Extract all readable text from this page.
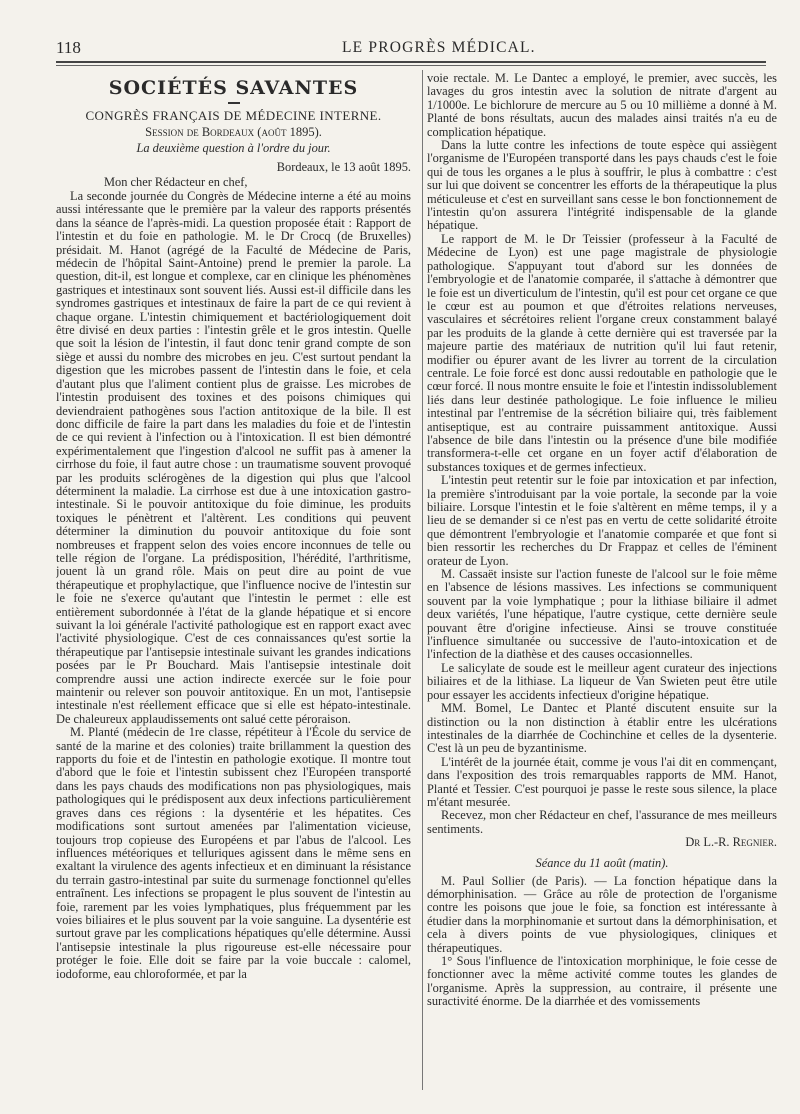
118	LE PROGRÈS MÉDICAL.
SOCIÉTÉS SAVANTES
CONGRÈS FRANÇAIS DE MÉDECINE INTERNE.
Session de Bordeaux (août 1895).
La deuxième question à l'ordre du jour.
Bordeaux, le 13 août 1895.

Mon cher Rédacteur en chef,

La seconde journée du Congrès de Médecine interne a été au moins aussi intéressante que le première par la valeur des rapports présentés dans la séance de l'après-midi. La question proposée était : Rapport de l'intestin et du foie en pathologie. M. le Dr Crocq (de Bruxelles) présidait. M. Hanot (agrégé de la Faculté de Médecine de Paris, médecin de l'hôpital Saint-Antoine) prend le premier la parole. La question, dit-il, est longue et complexe, car en clinique les phénomènes gastriques et intestinaux sont souvent liés. Aussi est-il difficile dans les syndromes gastriques et intestinaux de faire la part de ce qui revient à chaque organe. L'intestin chimiquement et bactériologiquement doit être divisé en deux parties : l'intestin grêle et le gros intestin. Quelle que soit la lésion de l'intestin, il faut donc tenir grand compte de son siège et aussi du nombre des microbes en jeu. C'est surtout pendant la digestion que les microbes passent de l'intestin dans le foie, et cela d'autant plus que l'aliment contient plus de graisse. Les microbes de l'intestin produisent des toxines et des poisons chimiques qui deviendraient pathogènes sous l'action antitoxique de la bile. Il est donc difficile de faire la part dans les maladies du foie et de l'intestin de ce qui revient à l'infection ou à l'intoxication. Il est bien démontré expérimentalement que l'ingestion d'alcool ne suffit pas à amener la cirrhose du foie, il faut autre chose : un traumatisme souvent provoqué par les produits sclérogènes de la digestion qui plus que l'alcool déterminent la maladie. La cirrhose est due à une intoxication gastro-intestinale. Si le pouvoir antitoxique du foie diminue, les produits toxiques le pénètrent et l'altèrent. Les conditions qui peuvent déterminer la diminution du pouvoir antitoxique du foie sont nombreuses et frappent selon des voies encore inconnues de telle ou telle région de l'organe. La prédisposition, l'hérédité, l'arthritisme, jouent là un grand rôle. Mais on peut dire au point de vue thérapeutique et prophylactique, que l'influence nocive de l'intestin sur le foie ne s'exerce qu'autant que l'intestin le permet : elle est entièrement subordonnée à l'état de la glande hépatique et si encore suivant la loi générale l'activité pathologique est en rapport exact avec l'activité physiologique. C'est de ces connaissances qu'est sortie la thérapeutique par l'antisepsie intestinale suivant les grandes indications posées par le Pr Bouchard. Mais l'antisepsie intestinale doit comprendre aussi une action indirecte exercée sur le foie pour maintenir ou relever son pouvoir antitoxique. En un mot, l'antisepsie intestinale n'est réellement efficace que si elle est hépato-intestinale. De chaleureux applaudissements ont salué cette péroraison.

M. Planté (médecin de 1re classe, répétiteur à l'École du service de santé de la marine et des colonies) traite brillamment la question des rapports du foie et de l'intestin en pathologie exotique. Il montre tout d'abord que le foie et l'intestin subissent chez l'Européen transporté dans les pays chauds des modifications non pas physiologiques, mais pathologiques qui le prédisposent aux deux infections particulièrement graves dans ces régions : la dysentérie et les hépatites. Ces modifications sont surtout amenées par l'alimentation vicieuse, toujours trop copieuse des Européens et par l'abus de l'alcool. Les influences météoriques et telluriques agissent dans le même sens en exaltant la virulence des agents infectieux et en diminuant la résistance du terrain gastro-intestinal par suite du surmenage fonctionnel qu'elles entraînent. Les infections se propagent le plus souvent de l'intestin au foie, rarement par les voies lymphatiques, plus fréquemment par les voies biliaires et le plus souvent par la voie sanguine. La dysentérie est surtout grave par les complications hépatiques qu'elle détermine. Aussi l'antisepsie intestinale la plus rigoureuse est-elle nécessaire pour protéger le foie. Elle doit se faire par la voie buccale : calomel, iodoforme, eau chloroformée, et par la

voie rectale. M. Le Dantec a employé, le premier, avec succès, les lavages du gros intestin avec la solution de nitrate d'argent au 1/1000e. Le bichlorure de mercure au 5 ou 10 millième a donné à M. Planté de bons résultats, aucun des malades ainsi traités n'a eu de complication hépatique.

Dans la lutte contre les infections de toute espèce qui assiègent l'organisme de l'Européen transporté dans les pays chauds c'est le foie qui de tous les organes a le plus à souffrir, le plus à combattre : c'est sur lui que doivent se concentrer les efforts de la thérapeutique la plus méticuleuse et c'est en surveillant sans cesse le bon fonctionnement de l'intestin qu'on assurera l'intégrité indispensable de la glande hépatique.

Le rapport de M. le Dr Teissier (professeur à la Faculté de Médecine de Lyon) est une page magistrale de physiologie pathologique. S'appuyant tout d'abord sur les données de l'embryologie et de l'anatomie comparée, il s'attache à démontrer que le foie est un diverticulum de l'intestin, qu'il est pour cet organe ce que le cœur est au poumon et que d'étroites relations nerveuses, vasculaires et sécrétoires relient l'organe creux constamment balayé par les produits de la glande à cette dernière qui est traversée par la majeure partie des matériaux de nutrition qu'il lui faut retenir, modifier ou épurer avant de les livrer au torrent de la circulation centrale. Le foie forcé est donc aussi redoutable en pathologie que le cœur forcé. Il nous montre ensuite le foie et l'intestin indissolublement liés dans leur destinée pathologique. Le foie influence le milieu intestinal par l'entremise de la sécrétion biliaire qui, très faiblement antiseptique, est au contraire puissamment antitoxique. Aussi l'absence de bile dans l'intestin ou la présence d'une bile modifiée transformera-t-elle cet organe en un foyer actif d'élaboration de substances toxiques et de germes infectieux.

L'intestin peut retentir sur le foie par intoxication et par infection, la première s'introduisant par la voie portale, la seconde par la voie biliaire. Lorsque l'intestin et le foie s'altèrent en même temps, il y a lieu de se demander si ce n'est pas en vertu de cette solidarité étroite que démontrent l'embryologie et l'anatomie comparée et que font si bien ressortir les recherches du Dr Frappaz et celles de l'éminent orateur de Lyon.

M. Cassaët insiste sur l'action funeste de l'alcool sur le foie même en l'absence de lésions massives. Les infections se communiquent souvent par la voie lymphatique ; pour la lithiase biliaire il admet deux variétés, l'une hépatique, l'autre cystique, cette dernière seule pouvant être d'origine infectieuse. Ainsi se trouve constituée l'influence simultanée ou successive de l'auto-intoxication et de l'infection de la diathèse et des causes occasionnelles.

Le salicylate de soude est le meilleur agent curateur des injections biliaires et de la lithiase. La liqueur de Van Swieten peut être utile pour essayer les accidents infectieux d'origine hépatique.

MM. Bomel, Le Dantec et Planté discutent ensuite sur la distinction ou la non distinction à établir entre les ulcérations intestinales de la diarrhée de Cochinchine et celles de la dysenterie. C'est là un peu de byzantinisme.

L'intérêt de la journée était, comme je vous l'ai dit en commençant, dans l'exposition des trois remarquables rapports de MM. Hanot, Planté et Tessier. C'est pourquoi je passe le reste sous silence, la place m'étant mesurée.

Recevez, mon cher Rédacteur en chef, l'assurance de mes meilleurs sentiments.

Dr L.-R. Regnier.
Séance du 11 août (matin).

M. Paul Sollier (de Paris). — La fonction hépatique dans la démorphinisation. — Grâce au rôle de protection de l'organisme contre les poisons que joue le foie, sa fonction est intéressante à étudier dans la morphinomanie et surtout dans la démorphinisation, et cela à divers points de vue physiologiques, cliniques et thérapeutiques.

1° Sous l'influence de l'intoxication morphinique, le foie cesse de fonctionner avec la même activité comme toutes les glandes de l'organisme. Après la suppression, au contraire, il présente une suractivité énorme. De la diarrhée et des vomissements
